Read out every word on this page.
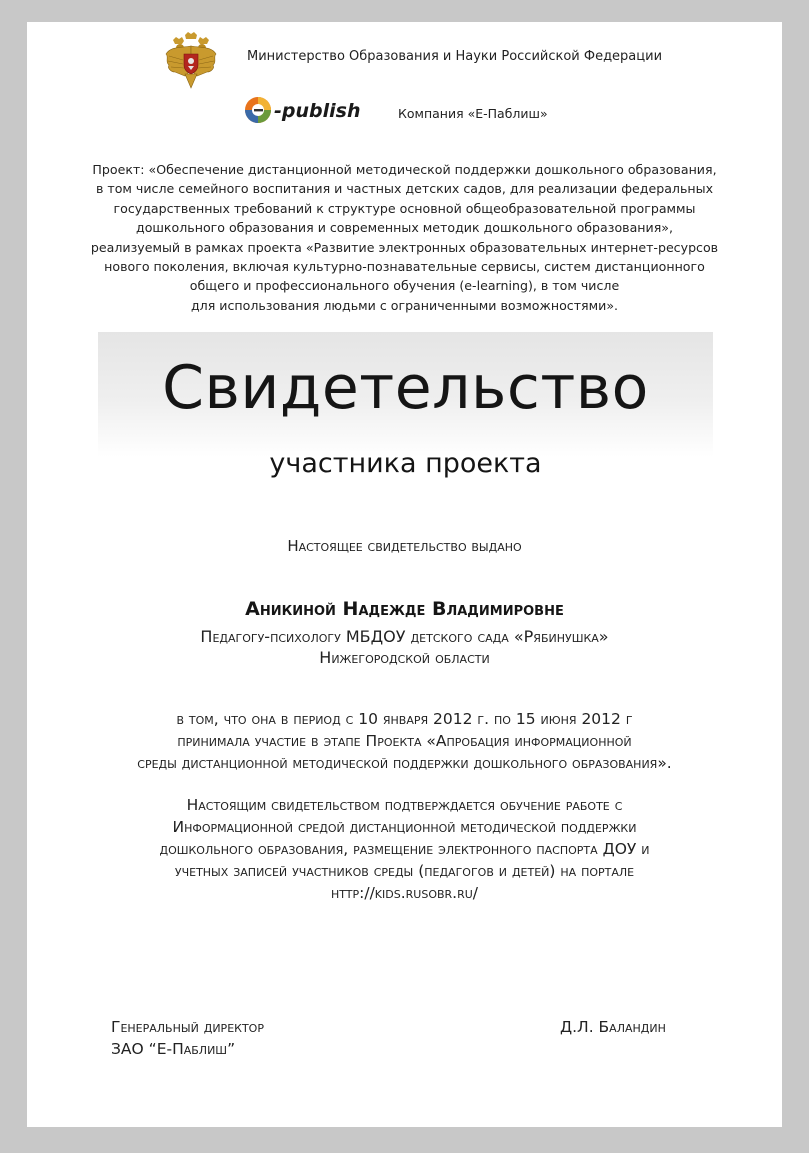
Министерство Образования и Науки Российской Федерации
-publish	Компания «Е-Паблиш»
Проект: «Обеспечение дистанционной методической поддержки дошкольного образования,
в том числе семейного воспитания и частных детских садов, для реализации федеральных
государственных требований к структуре основной общеобразовательной программы
дошкольного образования и современных методик дошкольного образования»,
реализуемый в рамках проекта «Развитие электронных образовательных интернет-ресурсов
нового поколения, включая культурно-познавательные сервисы, систем дистанционного
общего и профессионального обучения (e-learning), в том числе
для использования людьми с ограниченными возможностями».
Свидетельство
участника проекта
Настоящее свидетельство выдано
Аникиной Надежде Владимировне
Педагогу-психологу МБДОУ детского сада «Рябинушка»
Нижегородской области
в том, что она в период с 10 января 2012 г. по 15 июня 2012 г
принимала участие в этапе Проекта «Апробация информационной
среды дистанционной методической поддержки дошкольного образования».
Настоящим свидетельством подтверждается обучение работе с
Информационной средой дистанционной методической поддержки
дошкольного образования, размещение электронного паспорта ДОУ и
учетных записей участников среды (педагогов и детей) на портале
http://kids.rusobr.ru/
Генеральный директор
ЗАО “Е-Паблиш”
Д.Л. Баландин
